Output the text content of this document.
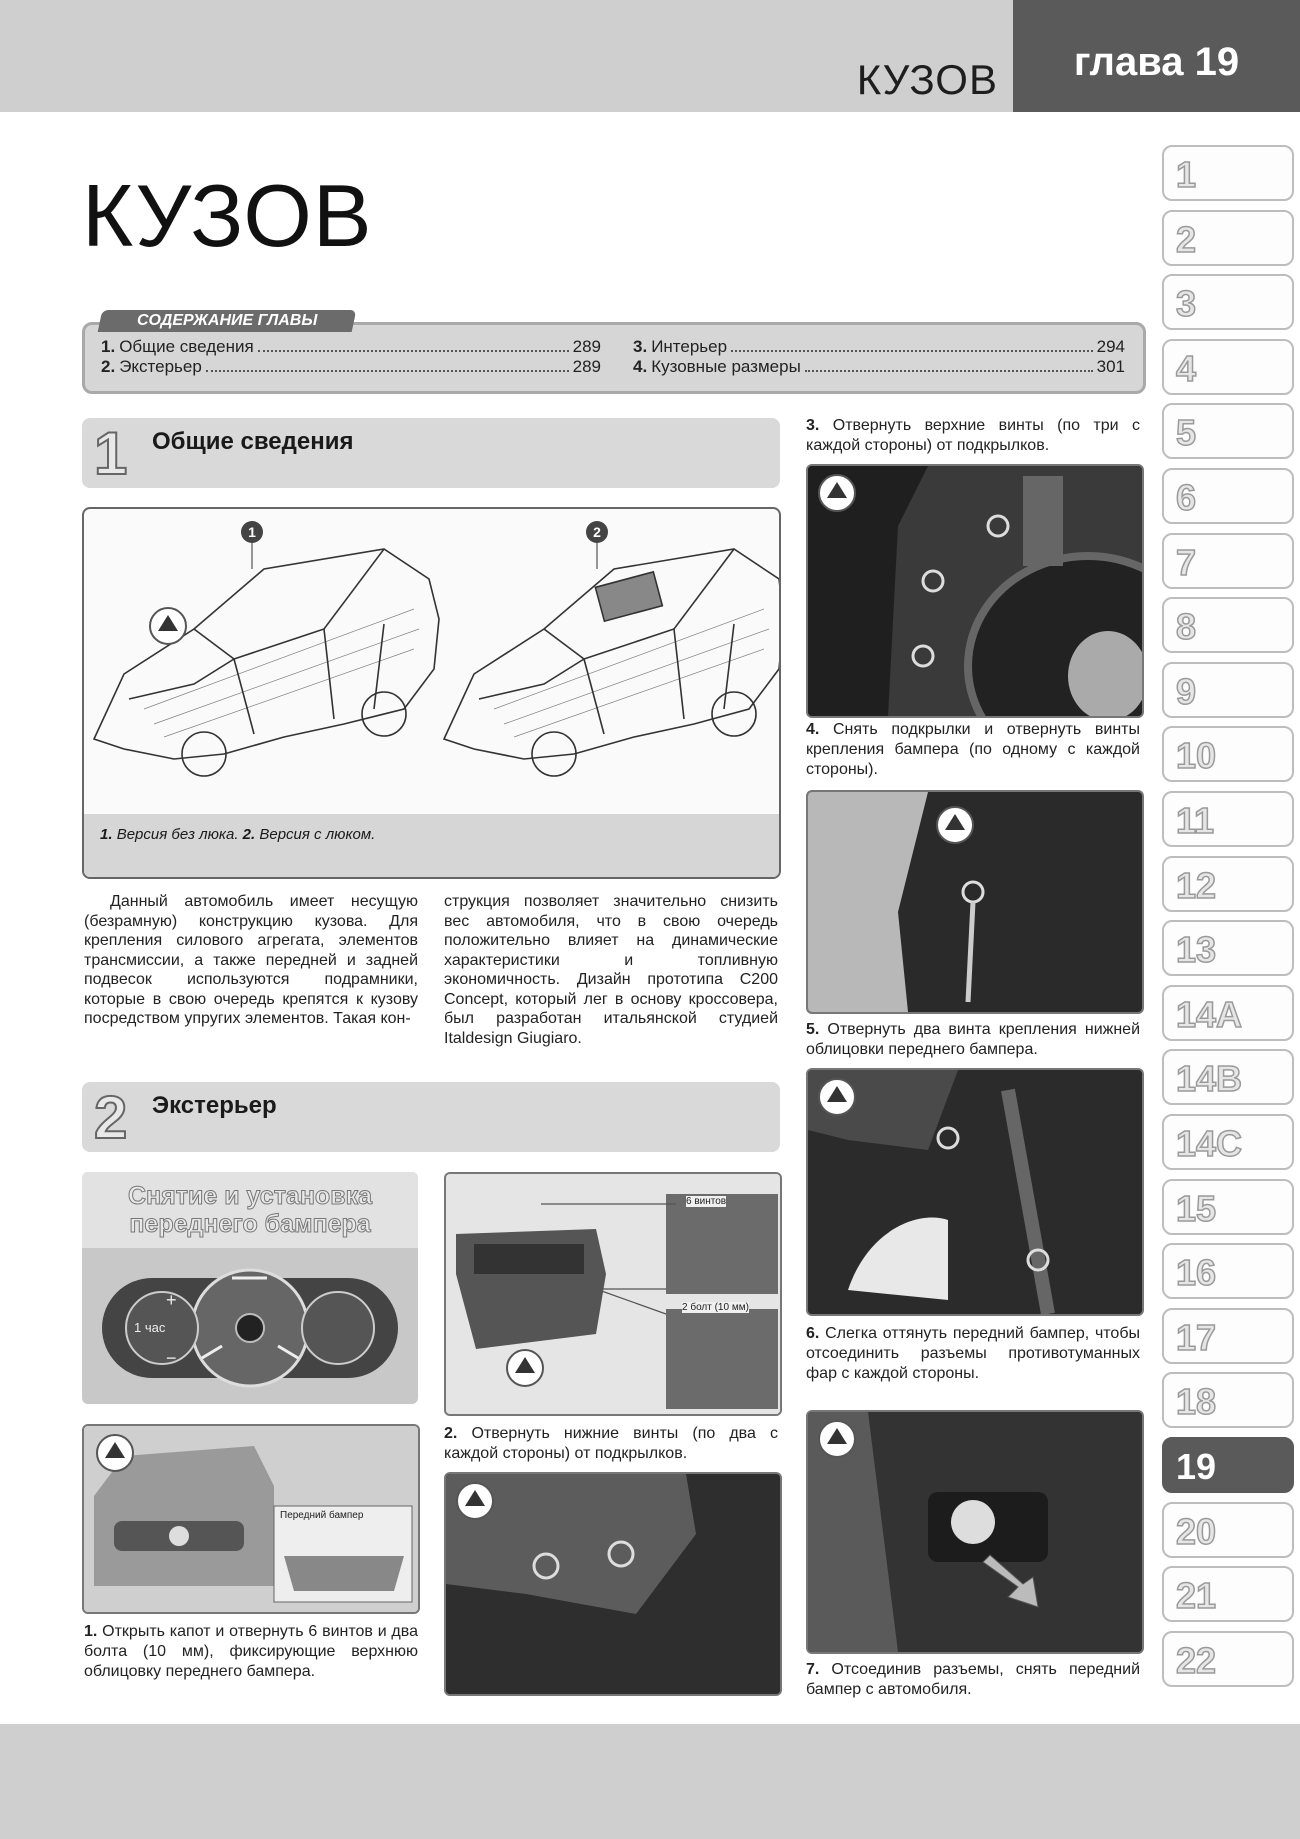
КУЗОВ	глава 19
КУЗОВ
1. Общие сведения	289
2. Экстерьер	289
3. Интерьер	294
4. Кузовные размеры	301
СОДЕРЖАНИЕ ГЛАВЫ
1 Общие сведения
1	2
1. Версия без люка. 2. Версия с люком.
Данный автомобиль имеет несущую (безрамную) конструкцию кузова. Для крепления силового агрегата, элементов трансмиссии, а также передней и задней подвесок используются подрамники, которые в свою очередь крепятся к кузову посредством упругих элементов. Такая кон-
струкция позволяет значительно снизить вес автомобиля, что в свою очередь положительно влияет на динамические характеристики и топливную экономичность. Дизайн прототипа C200 Concept, который лег в основу кроссовера, был разработан итальянской студией Italdesign Giugiaro.
2 Экстерьер
Снятие и установка переднего бампера
1 час
+
−
Передний бампер
1. Открыть капот и отвернуть 6 винтов и два болта (10 мм), фиксирующие верхнюю облицовку переднего бампера.
6 винтов
2 болт (10 мм)
2. Отвернуть нижние винты (по два с каждой стороны) от подкрылков.
3. Отвернуть верхние винты (по три с каждой стороны) от подкрылков.
4. Снять подкрылки и отвернуть винты крепления бампера (по одному с каждой стороны).
5. Отвернуть два винта крепления нижней облицовки переднего бампера.
6. Слегка оттянуть передний бампер, чтобы отсоединить разъемы противотуманных фар с каждой стороны.
7. Отсоединив разъемы, снять передний бампер с автомобиля.
1
2
3
4
5
6
7
8
9
10
11
12
13
14A
14B
14C
15
16
17
18
19
20
21
22
